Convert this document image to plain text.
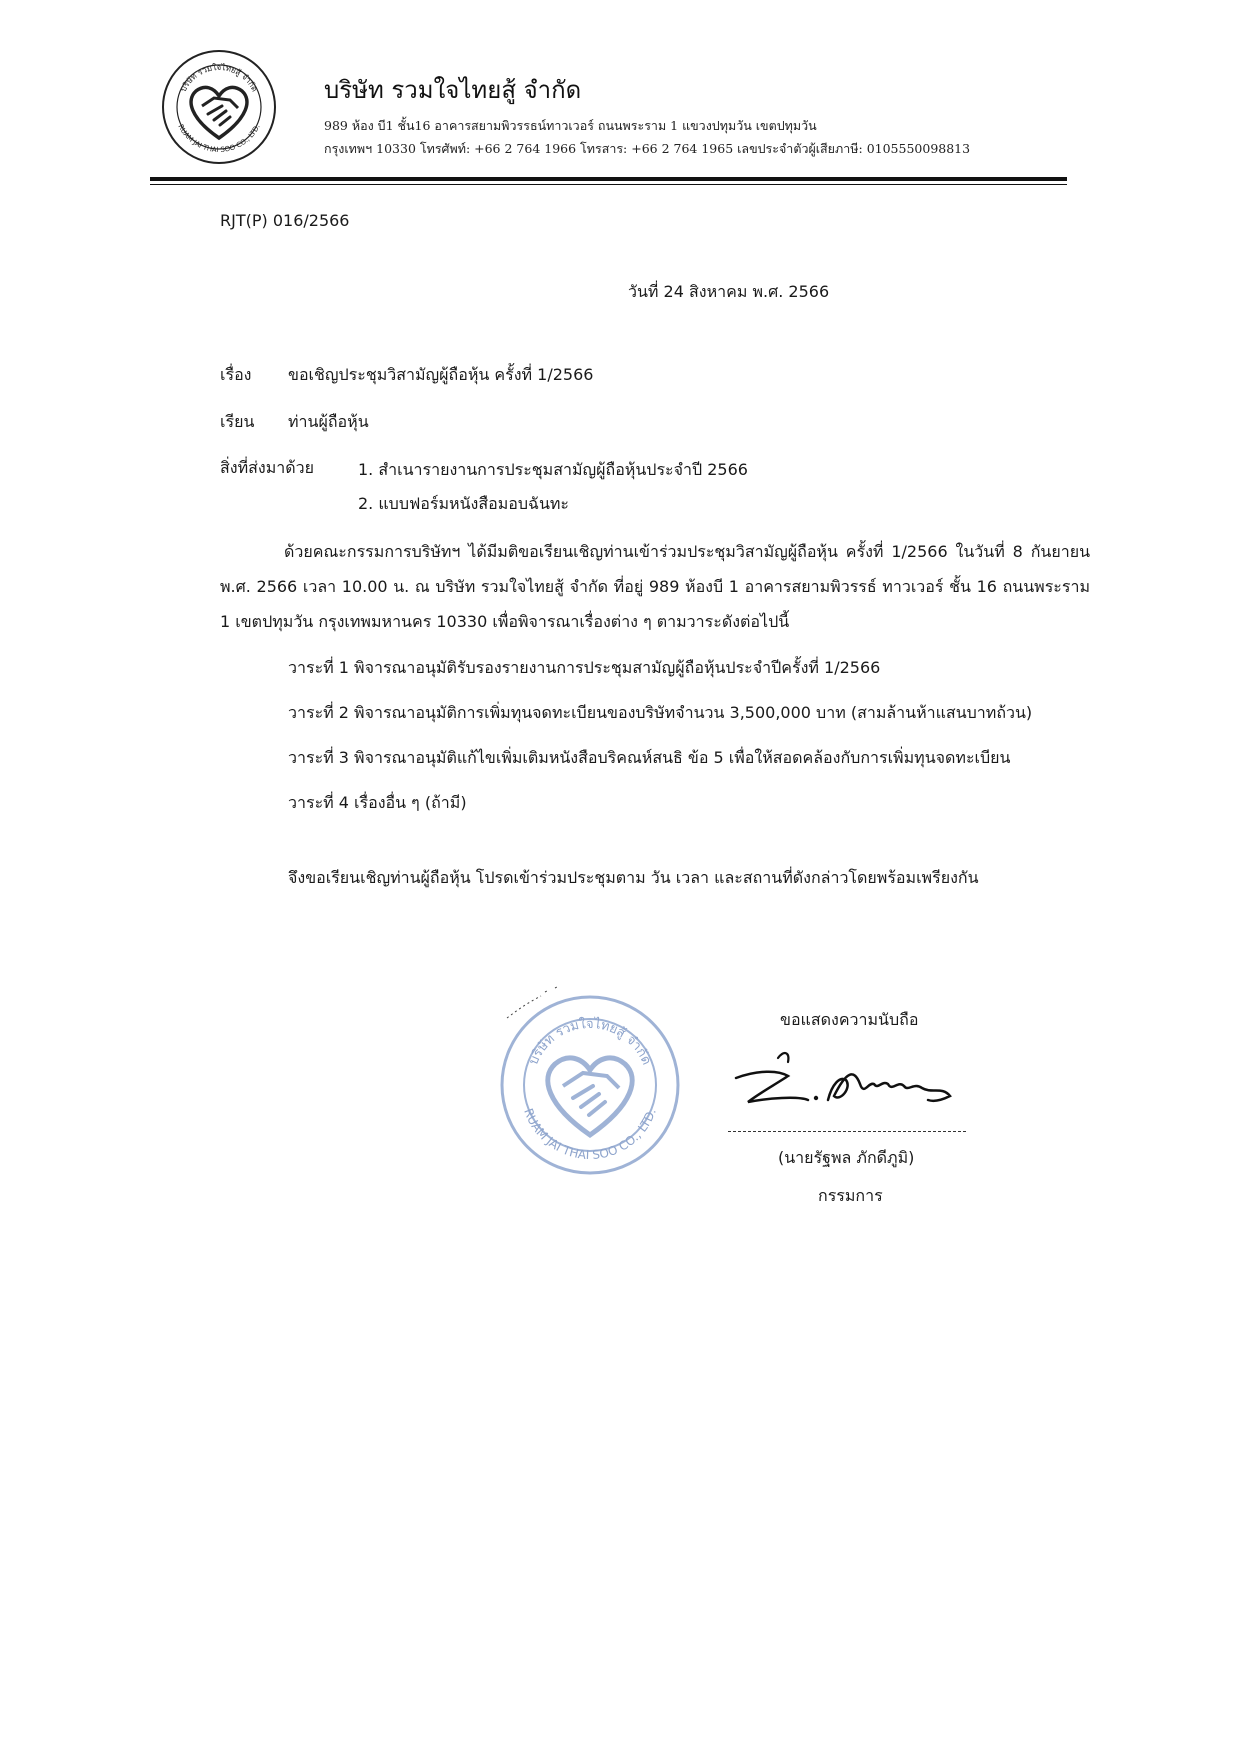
บริษัท รวมใจไทยสู้ จำกัด
RUAM JAI THAI SOO CO., LTD.
บริษัท รวมใจไทยสู้ จำกัด
989 ห้อง บี1 ชั้น16 อาคารสยามพิวรรธน์ทาวเวอร์ ถนนพระราม 1 แขวงปทุมวัน เขตปทุมวัน
กรุงเทพฯ 10330 โทรศัพท์: +66 2 764 1966 โทรสาร: +66 2 764 1965 เลขประจำตัวผู้เสียภาษี: 0105550098813
RJT(P) 016/2566
วันที่ 24 สิงหาคม พ.ศ. 2566
เรื่อง ขอเชิญประชุมวิสามัญผู้ถือหุ้น ครั้งที่ 1/2566
เรียน ท่านผู้ถือหุ้น
สิ่งที่ส่งมาด้วย	1. สำเนารายงานการประชุมสามัญผู้ถือหุ้นประจำปี 2566
2. แบบฟอร์มหนังสือมอบฉันทะ
ด้วยคณะกรรมการบริษัทฯ ได้มีมติขอเรียนเชิญท่านเข้าร่วมประชุมวิสามัญผู้ถือหุ้น ครั้งที่ 1/2566 ในวันที่ 8 กันยายน พ.ศ. 2566 เวลา 10.00 น. ณ บริษัท รวมใจไทยสู้ จำกัด ที่อยู่ 989 ห้องบี 1 อาคารสยามพิวรรธ์ ทาวเวอร์ ชั้น 16 ถนนพระราม 1 เขตปทุมวัน กรุงเทพมหานคร 10330 เพื่อพิจารณาเรื่องต่าง ๆ ตามวาระดังต่อไปนี้
วาระที่ 1 พิจารณาอนุมัติรับรองรายงานการประชุมสามัญผู้ถือหุ้นประจำปีครั้งที่ 1/2566
วาระที่ 2 พิจารณาอนุมัติการเพิ่มทุนจดทะเบียนของบริษัทจำนวน 3,500,000 บาท (สามล้านห้าแสนบาทถ้วน)
วาระที่ 3 พิจารณาอนุมัติแก้ไขเพิ่มเติมหนังสือบริคณห์สนธิ ข้อ 5 เพื่อให้สอดคล้องกับการเพิ่มทุนจดทะเบียน
วาระที่ 4 เรื่องอื่น ๆ (ถ้ามี)
จึงขอเรียนเชิญท่านผู้ถือหุ้น โปรดเข้าร่วมประชุมตาม วัน เวลา และสถานที่ดังกล่าวโดยพร้อมเพรียงกัน
บริษัท รวมใจไทยสู้ จำกัด
RUAM JAI THAI SOO CO., LTD.
ขอแสดงความนับถือ
(นายรัฐพล ภักดีภูมิ)
กรรมการ
